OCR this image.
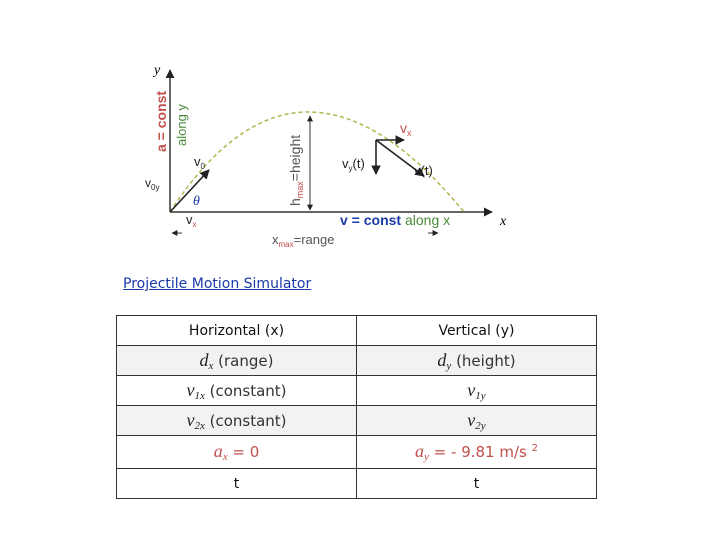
y
x
a = const along y
$h_{max}=height$
$v_0$
$v_{0y}$
θ
$v_x$
$v_x$
$v_y(t)$	v(t)
v = const along x
$x_{max}=range$
Projectile Motion Simulator
Horizontal (x)	Vertical (y)
$d_x$ (range)	$d_y$ (height)
$v_{1x}$ (constant)	$v_{1y}$
$v_{2x}$ (constant)	$v_{2y}$
$a_x = 0$	$a_y$ = - 9.81 m/s $^2$
t	t
